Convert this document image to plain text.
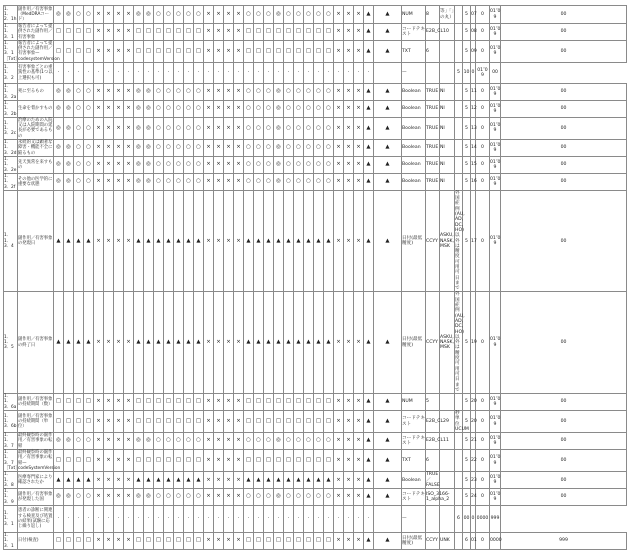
1．1．2．1h	副作用／有害事象（MedDRAコード）	◎	◎	○	○	×	×	×	×	◎	◎	○	○	○	○	○	×	×	×	×	○	○	○	◎	○	○	○	○	○	×	×	×	▲	▲	NUM	8	等」「」の丸）		5	07	0	01″0 9	00
1．1．3．1	報告者によって提供された副作用／有害事象	□	□	□	□	×	×	×	×	□	□	□	□	□	□	□	×	×	×	×	□	□	□	□	□	□	□	□	□	×	×	×	▲	▲	コードテキスト	E2B_CL10			5	08	0	01″0 9	00
1．1．3．1［Txt］	報告者によって提供された副作用／有害事象—codesystemVersion	□	□	□	□	×	×	×	×	□	□	□	□	□	□	□	×	×	×	×	□	□	□	□	□	□	□	□	□	×	×	×	▲	▲	TXT	6			5	09	0	01″0 9	00
1．1．3．2	有害事象ごとの重篤性の基準(1つ以上選択も可)	·	·	·	·	·	·	·	·	·	·	·	·	·	·	·	·	·	·	·	·	·	·	·	·	·	·	·	·	·	·	·	·		—			5	10	0	01″0 9	00	
1．1．3．2a	死に至るもの	◎	◎	○	○	×	×	×	×	◎	◎	○	○	○	○	○	×	×	×	×	○	○	○	◎	○	○	○	○	○	×	×	×	▲	▲	Boolean	TRUE	NI		5	11	0	01″0 9	00
1．1．3．2b	生命を脅かすもの	◎	◎	○	○	×	×	×	×	◎	◎	○	○	○	○	○	×	×	×	×	○	○	○	◎	○	○	○	○	○	×	×	×	▲	▲	Boolean	TRUE	NI		5	12	0	01″0 9	00
1．1．3．2c	治療のための入院又は入院期間の延長が必要であるもの	◎	◎	○	○	×	×	×	×	◎	◎	○	○	○	○	○	×	×	×	×	○	○	○	◎	○	○	○	○	○	×	×	×	▲	▲	Boolean	TRUE	NI		5	13	0	01″0 9	00
1．1．3．2d	永続的又は顕著な障害・機能不全に陥るもの	◎	◎	○	○	×	×	×	×	◎	◎	○	○	○	○	○	×	×	×	×	○	○	○	◎	○	○	○	○	○	×	×	×	▲	▲	Boolean	TRUE	NI		5	14	0	01″0 9	00
1．1．3．2e	先天異常を来すもの	◎	◎	○	○	×	×	×	×	◎	◎	○	○	○	○	○	×	×	×	×	○	○	○	◎	○	○	○	○	○	×	×	×	▲	▲	Boolean	TRUE	NI		5	15	0	01″0 9	00
1．1．3．2f	その他の医学的に重要な状態	◎	◎	○	○	×	×	×	×	◎	◎	○	○	○	○	○	×	×	×	×	○	○	○	◎	○	○	○	○	○	×	×	×	▲	▲	Boolean	TRUE	NI		5	16	0	01″0 9	00
1．1．3．4	副作用／有害事象の発現日	▲	▲	▲	▲	×	×	×	×	▲	▲	▲	▲	▲	▲	▲	×	×	×	×	▲	▲	▲	▲	▲	▲	▲	▲	▲	×	×	×	▲	▲	日付(最低精度)	CCYY	ASKU, NASK, MSK	外国症例(AU, AD, DC, HO)以外は精度可用可日まで	5	17	0	01″0 9	00
1．1．3．5	副作用／有害事象の終了日	▲	▲	▲	▲	×	×	×	×	▲	▲	▲	▲	▲	▲	▲	×	×	×	×	▲	▲	▲	▲	▲	▲	▲	▲	▲	×	×	×	▲	▲	日付(最低精度)	CCYY	ASKU, NASK, MSK	外国症例(AU, AD, DC, HO)以外は精度可用可日まで	5	19	0	01″0 9	00
1．1．3．6a	副作用／有害事象の持続期間（数）	□	□	□	□	×	×	×	×	□	□	□	□	□	□	□	×	×	×	×	□	□	□	□	□	□	□	□	□	×	×	×	▲	▲	NUM	5			5	20	0	01″0 9	00
1．1．3．6b	副作用／有害事象の持続期間（単位）	□	□	□	□	×	×	×	×	□	□	□	□	□	□	□	×	×	×	×	□	□	□	□	□	□	□	□	□	×	×	×	▲	▲	コードテキスト	E2B_CL29		秒単位UCUM	5	20	0	01″0 9	00
1．1．3．7	最終観察時の副作用／有害事象の転帰	◎	◎	○	○	×	×	×	×	◎	◎	○	○	○	○	○	×	×	×	×	○	○	○	◎	○	○	○	○	○	×	×	×	▲	▲	コードテキスト	E2B_CL11			5	21	0	01″0 9	00
1．1．3．7［Txt］	最終観察時の副作用／有害事象の転帰—codeSystemVersion	□	□	□	□	×	×	×	×	□	□	□	□	□	□	□	×	×	×	×	□	□	□	□	□	□	□	□	□	×	×	×	▲	▲	TXT	6			5	22	0	01″0 9	00
1．1．3．8	医療専門家により確認されたか	▲	▲	▲	▲	×	×	×	×	▲	▲	▲	▲	▲	▲	▲	×	×	×	×	▲	▲	▲	▲	▲	▲	▲	▲	▲	×	×	×	▲	▲	Boolean	TRUE／FALSE			5	23	0	01″0 9	00
1．1．3．9	副作用／有害事象が発現した国	◎	◎	○	○	×	×	×	×	◎	◎	○	○	○	○	○	×	×	×	×	○	○	○	◎	○	○	○	○	○	×	×	×	▲	▲	コードテキスト	ISO_3166-1_alpha_2			5	24	0	01″0 9	00
1．1．3．1	患者の診断に関連する検査及び処置の結果(試験に応じ繰り返し)	·	·	·	·	·	·	·	·	·	·	·	·	·	·	·	·	·	·	·	·	·	·	·	·	·	·	·	·	·	·	·	·		—			6	00	0	0000	999	
1．1．3．1	日付(検査)	□	□	□	□	×	×	×	×	□	□	□	□	□	□	□	×	×	×	×	□	□	□	□	□	□	□	□	□	×	×	×	▲	▲	日付(最低精度)	CCYY	UNK		6	01	0	0000	999
